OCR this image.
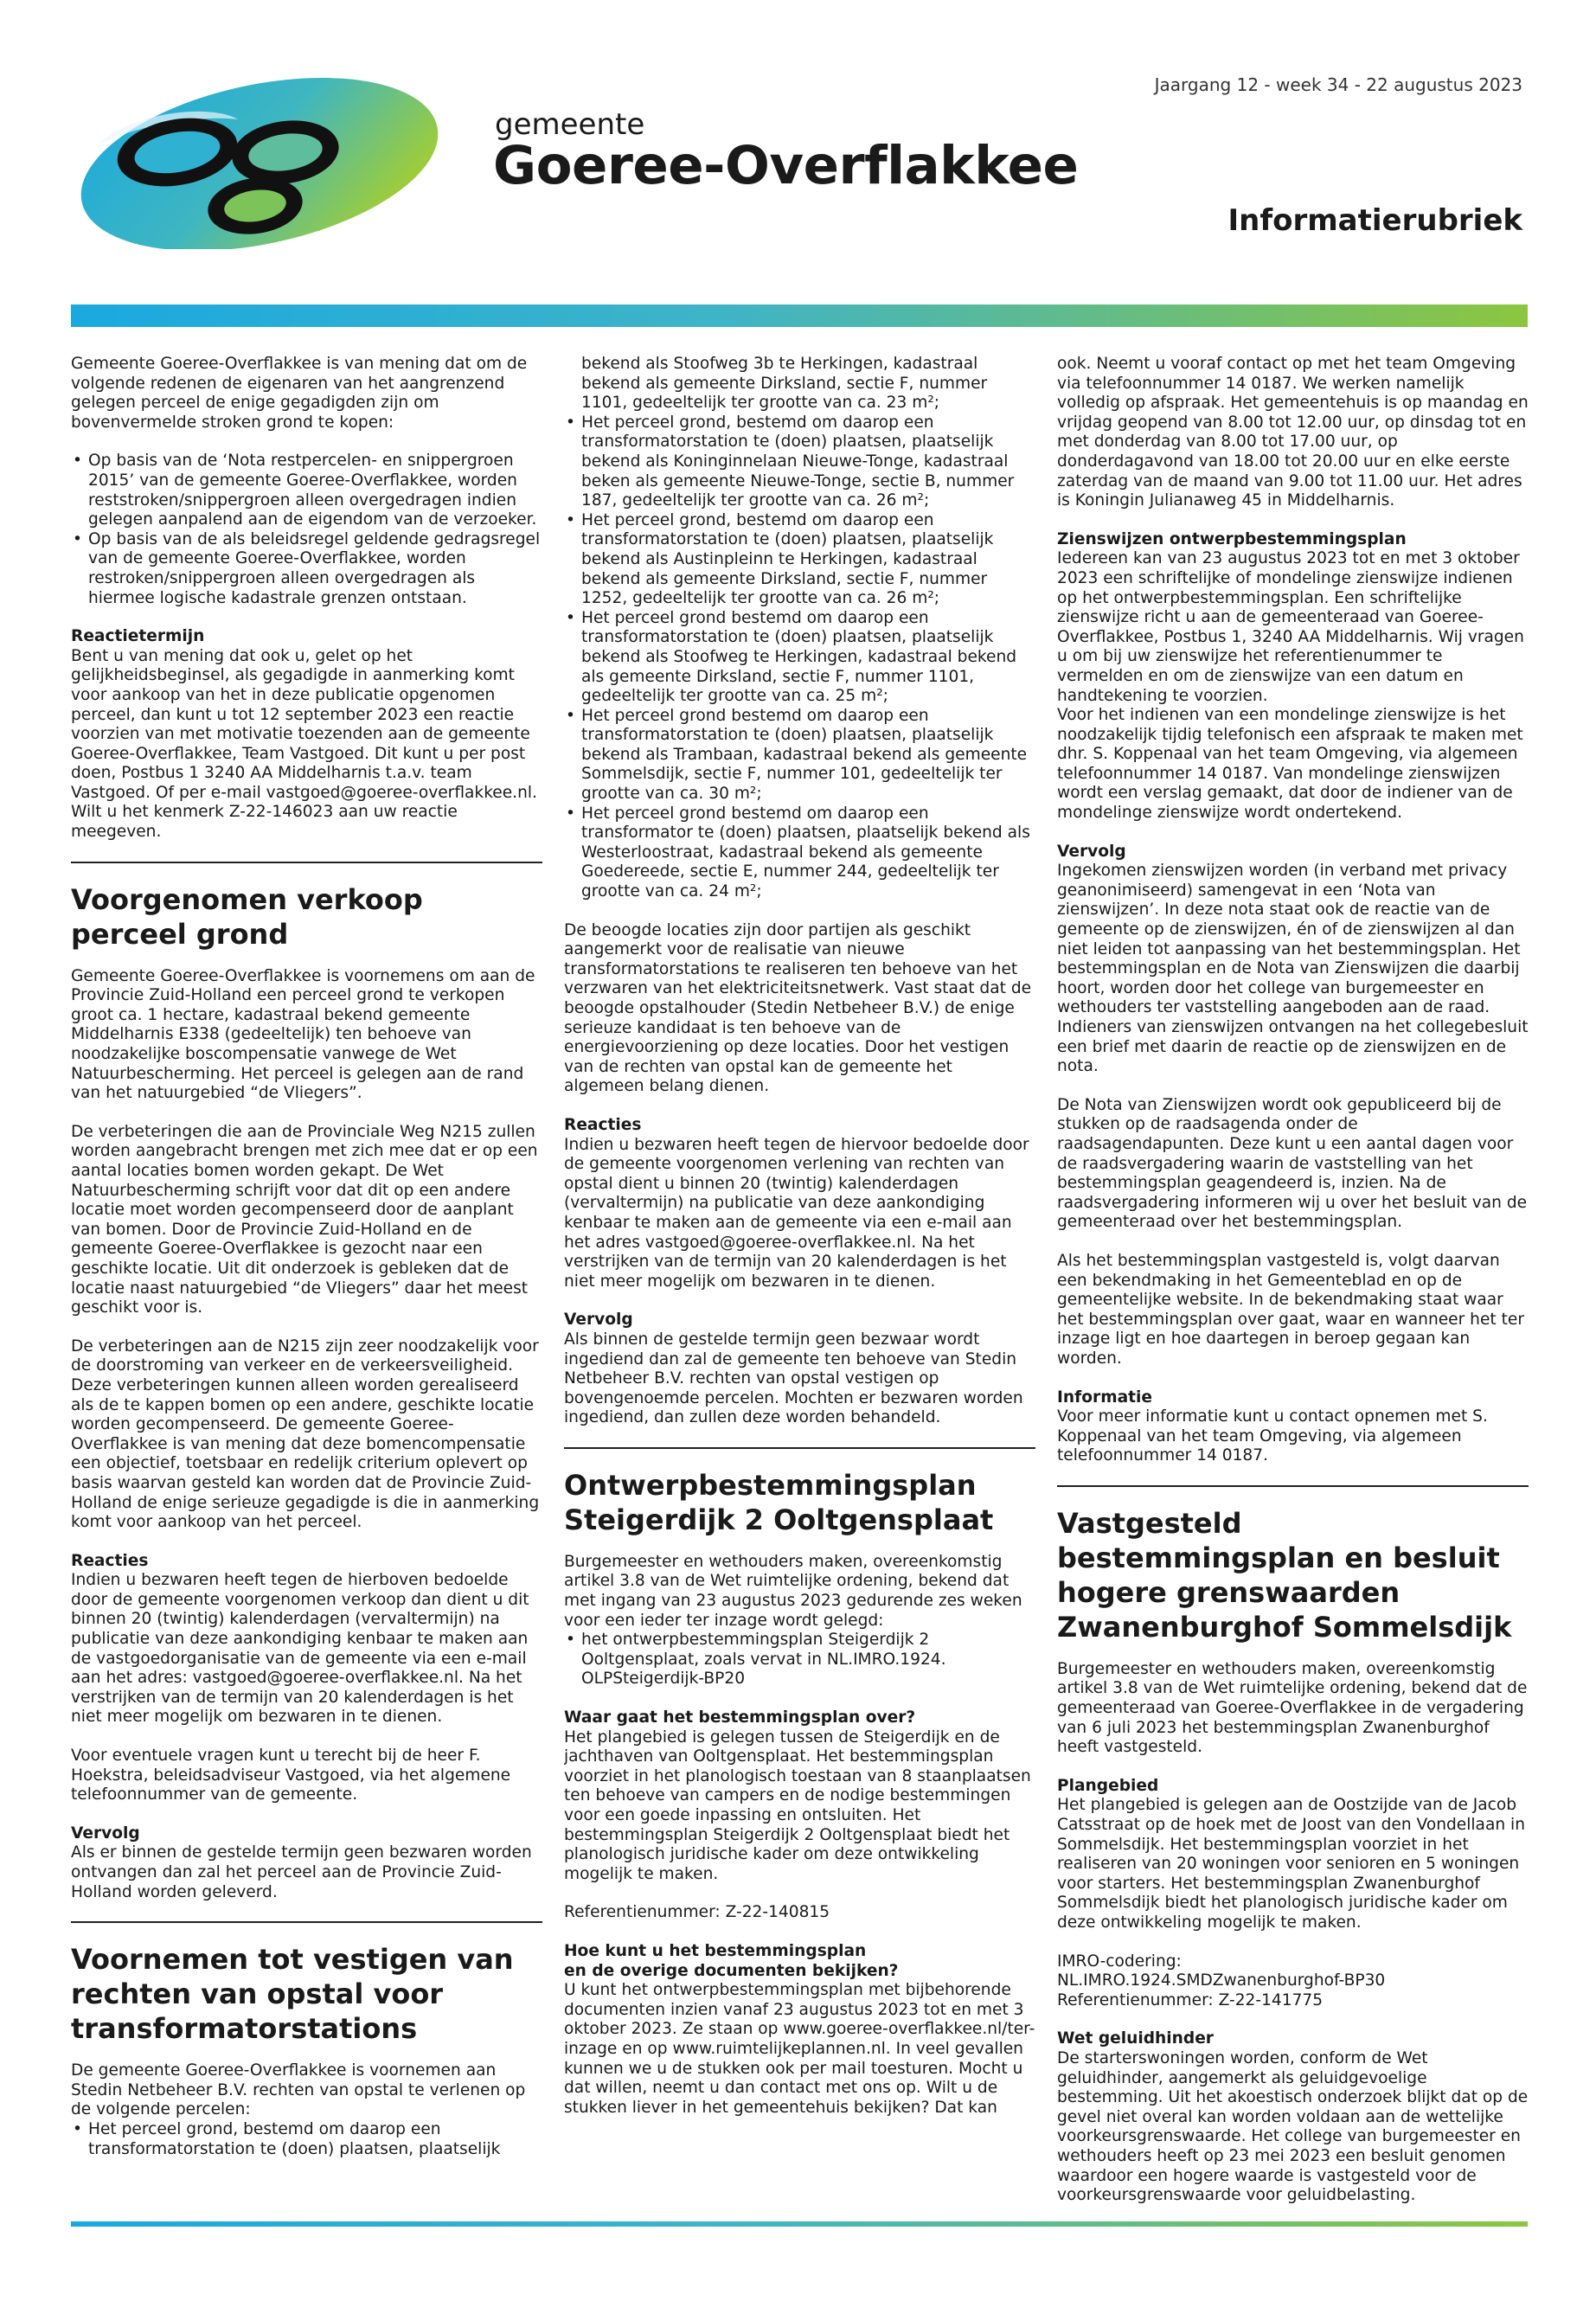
Jaargang 12 - week 34 - 22 augustus 2023
gemeente
Goeree-Overflakkee
Informatierubriek

Gemeente Goeree-Overflakkee is van mening dat om de volgende redenen de eigenaren van het aangrenzend gelegen perceel de enige gegadigden zijn om bovenvermelde stroken grond te kopen:

• Op basis van de ‘Nota restpercelen- en snippergroen 2015’ van de gemeente Goeree-Overflakkee, worden reststroken/snippergroen alleen overgedragen indien gelegen aanpalend aan de eigendom van de verzoeker.
• Op basis van de als beleidsregel geldende gedragsregel van de gemeente Goeree-Overflakkee, worden restroken/snippergroen alleen overgedragen als hiermee logische kadastrale grenzen ontstaan.
Reactietermijn

Bent u van mening dat ook u, gelet op het gelijkheidsbeginsel, als gegadigde in aanmerking komt voor aankoop van het in deze publicatie opgenomen perceel, dan kunt u tot 12 september 2023 een reactie voorzien van met motivatie toezenden aan de gemeente Goeree-Overflakkee, Team Vastgoed. Dit kunt u per post doen, Postbus 1 3240 AA Middelharnis t.a.v. team Vastgoed. Of per e-mail vastgoed@goeree-overflakkee.nl. Wilt u het kenmerk Z-22-146023 aan uw reactie meegeven.

Voorgenomen verkoop perceel grond

Gemeente Goeree-Overflakkee is voornemens om aan de Provincie Zuid-Holland een perceel grond te verkopen groot ca. 1 hectare, kadastraal bekend gemeente Middelharnis E338 (gedeeltelijk) ten behoeve van noodzakelijke boscompensatie vanwege de Wet Natuurbescherming. Het perceel is gelegen aan de rand van het natuurgebied “de Vliegers”.

De verbeteringen die aan de Provinciale Weg N215 zullen worden aangebracht brengen met zich mee dat er op een aantal locaties bomen worden gekapt. De Wet Natuurbescherming schrijft voor dat dit op een andere locatie moet worden gecompenseerd door de aanplant van bomen. Door de Provincie Zuid-Holland en de gemeente Goeree-Overflakkee is gezocht naar een geschikte locatie. Uit dit onderzoek is gebleken dat de locatie naast natuurgebied “de Vliegers” daar het meest geschikt voor is.

De verbeteringen aan de N215 zijn zeer noodzakelijk voor de doorstroming van verkeer en de verkeersveiligheid. Deze verbeteringen kunnen alleen worden gerealiseerd als de te kappen bomen op een andere, geschikte locatie worden gecompenseerd. De gemeente Goeree-Overflakkee is van mening dat deze bomencompensatie een objectief, toetsbaar en redelijk criterium oplevert op basis waarvan gesteld kan worden dat de Provincie Zuid-Holland de enige serieuze gegadigde is die in aanmerking komt voor aankoop van het perceel.

Reacties

Indien u bezwaren heeft tegen de hierboven bedoelde door de gemeente voorgenomen verkoop dan dient u dit binnen 20 (twintig) kalenderdagen (vervaltermijn) na publicatie van deze aankondiging kenbaar te maken aan de vastgoedorganisatie van de gemeente via een e-mail aan het adres: vastgoed@goeree-overflakkee.nl. Na het verstrijken van de termijn van 20 kalenderdagen is het niet meer mogelijk om bezwaren in te dienen.

Voor eventuele vragen kunt u terecht bij de heer F. Hoekstra, beleidsadviseur Vastgoed, via het algemene telefoonnummer van de gemeente.

Vervolg

Als er binnen de gestelde termijn geen bezwaren worden ontvangen dan zal het perceel aan de Provincie Zuid-Holland worden geleverd.

Voornemen tot vestigen van rechten van opstal voor transformatorstations

De gemeente Goeree-Overflakkee is voornemen aan Stedin Netbeheer B.V. rechten van opstal te verlenen op de volgende percelen:

• Het perceel grond, bestemd om daarop een transformatorstation te (doen) plaatsen, plaatselijk
bekend als Stoofweg 3b te Herkingen, kadastraal bekend als gemeente Dirksland, sectie F, nummer 1101, gedeeltelijk ter grootte van ca. 23 m²;
• Het perceel grond, bestemd om daarop een transformatorstation te (doen) plaatsen, plaatselijk bekend als Koninginnelaan Nieuwe-Tonge, kadastraal beken als gemeente Nieuwe-Tonge, sectie B, nummer 187, gedeeltelijk ter grootte van ca. 26 m²;
• Het perceel grond, bestemd om daarop een transformatorstation te (doen) plaatsen, plaatselijk bekend als Austinpleinn te Herkingen, kadastraal bekend als gemeente Dirksland, sectie F, nummer 1252, gedeeltelijk ter grootte van ca. 26 m²;
• Het perceel grond bestemd om daarop een transformatorstation te (doen) plaatsen, plaatselijk bekend als Stoofweg te Herkingen, kadastraal bekend als gemeente Dirksland, sectie F, nummer 1101, gedeeltelijk ter grootte van ca. 25 m²;
• Het perceel grond bestemd om daarop een transformatorstation te (doen) plaatsen, plaatselijk bekend als Trambaan, kadastraal bekend als gemeente Sommelsdijk, sectie F, nummer 101, gedeeltelijk ter grootte van ca. 30 m²;
• Het perceel grond bestemd om daarop een transformator te (doen) plaatsen, plaatselijk bekend als Westerloostraat, kadastraal bekend als gemeente Goedereede, sectie E, nummer 244, gedeeltelijk ter grootte van ca. 24 m²;

De beoogde locaties zijn door partijen als geschikt aangemerkt voor de realisatie van nieuwe transformatorstations te realiseren ten behoeve van het verzwaren van het elektriciteitsnetwerk. Vast staat dat de beoogde opstalhouder (Stedin Netbeheer B.V.) de enige serieuze kandidaat is ten behoeve van de energievoorziening op deze locaties. Door het vestigen van de rechten van opstal kan de gemeente het algemeen belang dienen.

Reacties

Indien u bezwaren heeft tegen de hiervoor bedoelde door de gemeente voorgenomen verlening van rechten van opstal dient u binnen 20 (twintig) kalenderdagen (vervaltermijn) na publicatie van deze aankondiging kenbaar te maken aan de gemeente via een e-mail aan het adres vastgoed@goeree-overflakkee.nl. Na het verstrijken van de termijn van 20 kalenderdagen is het niet meer mogelijk om bezwaren in te dienen.

Vervolg

Als binnen de gestelde termijn geen bezwaar wordt ingediend dan zal de gemeente ten behoeve van Stedin Netbeheer B.V. rechten van opstal vestigen op bovengenoemde percelen. Mochten er bezwaren worden ingediend, dan zullen deze worden behandeld.

Ontwerpbestemmingsplan Steigerdijk 2 Ooltgensplaat

Burgemeester en wethouders maken, overeenkomstig artikel 3.8 van de Wet ruimtelijke ordening, bekend dat met ingang van 23 augustus 2023 gedurende zes weken voor een ieder ter inzage wordt gelegd:

• het ontwerpbestemmingsplan Steigerdijk 2 Ooltgensplaat, zoals vervat in NL.IMRO.1924. OLPSteigerdijk-BP20
Waar gaat het bestemmingsplan over?

Het plangebied is gelegen tussen de Steigerdijk en de jachthaven van Ooltgensplaat. Het bestemmingsplan voorziet in het planologisch toestaan van 8 staanplaatsen ten behoeve van campers en de nodige bestemmingen voor een goede inpassing en ontsluiten. Het bestemmingsplan Steigerdijk 2 Ooltgensplaat biedt het planologisch juridische kader om deze ontwikkeling mogelijk te maken.

Referentienummer: Z-22-140815

Hoe kunt u het bestemmingsplan
en de overige documenten bekijken?

U kunt het ontwerpbestemmingsplan met bijbehorende documenten inzien vanaf 23 augustus 2023 tot en met 3 oktober 2023. Ze staan op www.goeree-overflakkee.nl/ter-inzage en op www.ruimtelijkeplannen.nl. In veel gevallen kunnen we u de stukken ook per mail toesturen. Mocht u dat willen, neemt u dan contact met ons op. Wilt u de stukken liever in het gemeentehuis bekijken? Dat kan

ook. Neemt u vooraf contact op met het team Omgeving via telefoonnummer 14 0187. We werken namelijk volledig op afspraak. Het gemeentehuis is op maandag en vrijdag geopend van 8.00 tot 12.00 uur, op dinsdag tot en met donderdag van 8.00 tot 17.00 uur, op donderdagavond van 18.00 tot 20.00 uur en elke eerste zaterdag van de maand van 9.00 tot 11.00 uur. Het adres is Koningin Julianaweg 45 in Middelharnis.

Zienswijzen ontwerpbestemmingsplan

Iedereen kan van 23 augustus 2023 tot en met 3 oktober 2023 een schriftelijke of mondelinge zienswijze indienen op het ontwerpbestemmingsplan. Een schriftelijke zienswijze richt u aan de gemeenteraad van Goeree-Overflakkee, Postbus 1, 3240 AA Middelharnis. Wij vragen u om bij uw zienswijze het referentienummer te vermelden en om de zienswijze van een datum en handtekening te voorzien.

Voor het indienen van een mondelinge zienswijze is het noodzakelijk tijdig telefonisch een afspraak te maken met dhr. S. Koppenaal van het team Omgeving, via algemeen telefoonnummer 14 0187. Van mondelinge zienswijzen wordt een verslag gemaakt, dat door de indiener van de mondelinge zienswijze wordt ondertekend.

Vervolg

Ingekomen zienswijzen worden (in verband met privacy geanonimiseerd) samengevat in een ‘Nota van zienswijzen’. In deze nota staat ook de reactie van de gemeente op de zienswijzen, én of de zienswijzen al dan niet leiden tot aanpassing van het bestemmingsplan. Het bestemmingsplan en de Nota van Zienswijzen die daarbij hoort, worden door het college van burgemeester en wethouders ter vaststelling aangeboden aan de raad. Indieners van zienswijzen ontvangen na het collegebesluit een brief met daarin de reactie op de zienswijzen en de nota.

De Nota van Zienswijzen wordt ook gepubliceerd bij de stukken op de raadsagenda onder de raadsagendapunten. Deze kunt u een aantal dagen voor de raadsvergadering waarin de vaststelling van het bestemmingsplan geagendeerd is, inzien. Na de raadsvergadering informeren wij u over het besluit van de gemeenteraad over het bestemmingsplan.

Als het bestemmingsplan vastgesteld is, volgt daarvan een bekendmaking in het Gemeenteblad en op de gemeentelijke website. In de bekendmaking staat waar het bestemmingsplan over gaat, waar en wanneer het ter inzage ligt en hoe daartegen in beroep gegaan kan worden.

Informatie

Voor meer informatie kunt u contact opnemen met S. Koppenaal van het team Omgeving, via algemeen telefoonnummer 14 0187.

Vastgesteld bestemmingsplan en besluit hogere grenswaarden Zwanenburghof Sommelsdijk

Burgemeester en wethouders maken, overeenkomstig artikel 3.8 van de Wet ruimtelijke ordening, bekend dat de gemeenteraad van Goeree-Overflakkee in de vergadering van 6 juli 2023 het bestemmingsplan Zwanenburghof heeft vastgesteld.

Plangebied

Het plangebied is gelegen aan de Oostzijde van de Jacob Catsstraat op de hoek met de Joost van den Vondellaan in Sommelsdijk. Het bestemmingsplan voorziet in het realiseren van 20 woningen voor senioren en 5 woningen voor starters. Het bestemmingsplan Zwanenburghof Sommelsdijk biedt het planologisch juridische kader om deze ontwikkeling mogelijk te maken.

IMRO-codering:
NL.IMRO.1924.SMDZwanenburghof-BP30
Referentienummer: Z-22-141775
Wet geluidhinder

De starterswoningen worden, conform de Wet geluidhinder, aangemerkt als geluidgevoelige bestemming. Uit het akoestisch onderzoek blijkt dat op de gevel niet overal kan worden voldaan aan de wettelijke voorkeursgrenswaarde. Het college van burgemeester en wethouders heeft op 23 mei 2023 een besluit genomen waardoor een hogere waarde is vastgesteld voor de voorkeursgrenswaarde voor geluidbelasting.
